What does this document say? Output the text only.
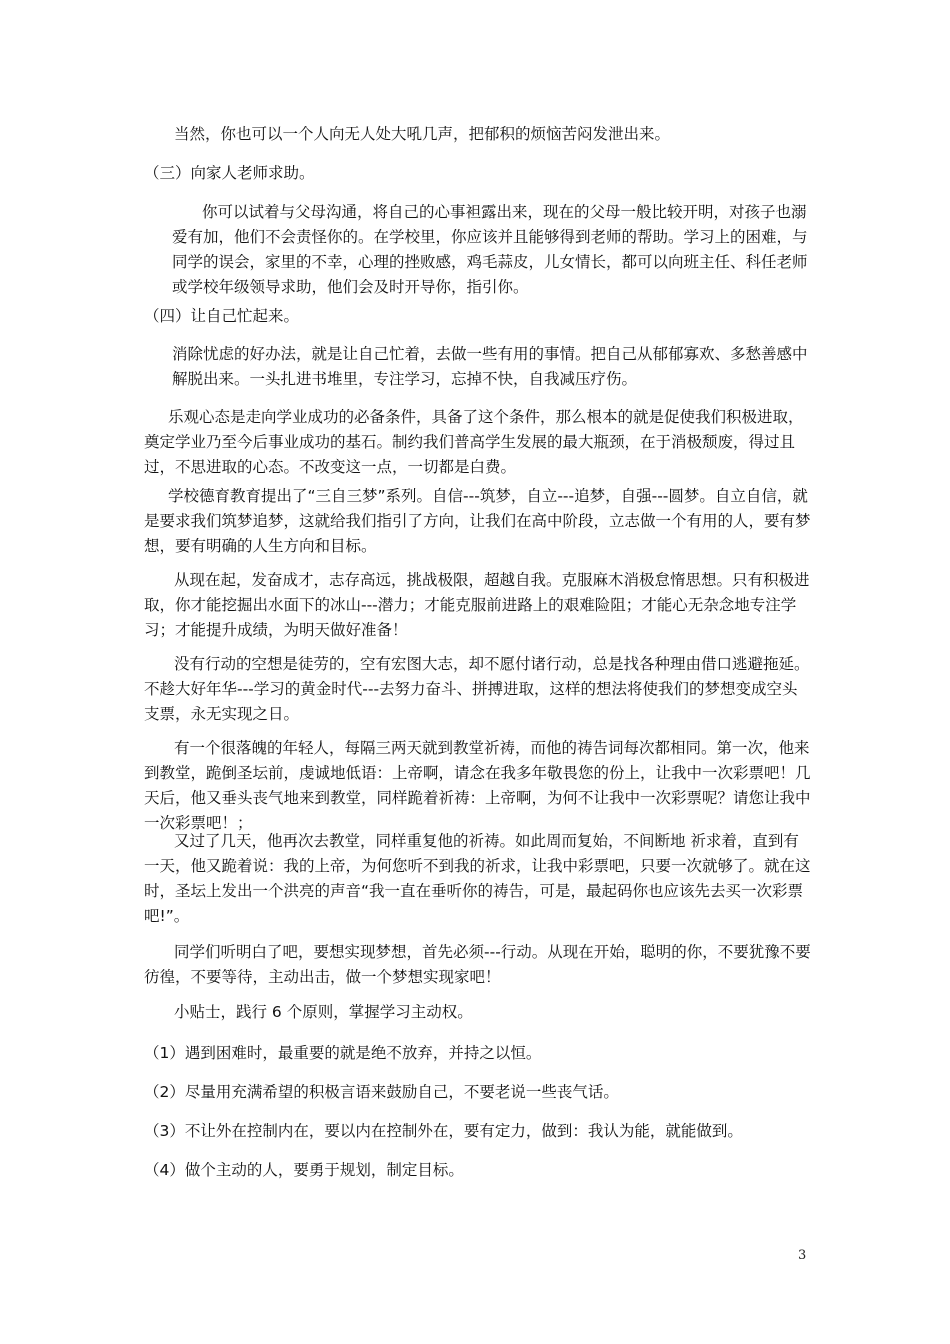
当然，你也可以一个人向无人处大吼几声，把郁积的烦恼苦闷发泄出来。

（三）向家人老师求助。

你可以试着与父母沟通，将自己的心事袒露出来，现在的父母一般比较开明，对孩子也溺爱有加，他们不会责怪你的。在学校里，你应该并且能够得到老师的帮助。学习上的困难，与同学的误会，家里的不幸，心理的挫败感，鸡毛蒜皮，儿女情长，都可以向班主任、科任老师或学校年级领导求助，他们会及时开导你，指引你。

（四）让自己忙起来。

消除忧虑的好办法，就是让自己忙着，去做一些有用的事情。把自己从郁郁寡欢、多愁善感中解脱出来。一头扎进书堆里，专注学习，忘掉不快，自我减压疗伤。

乐观心态是走向学业成功的必备条件，具备了这个条件，那么根本的就是促使我们积极进取，奠定学业乃至今后事业成功的基石。制约我们普高学生发展的最大瓶颈，在于消极颓废，得过且过，不思进取的心态。不改变这一点，一切都是白费。

学校德育教育提出了“三自三梦”系列。自信---筑梦，自立---追梦，自强---圆梦。自立自信，就是要求我们筑梦追梦，这就给我们指引了方向，让我们在高中阶段，立志做一个有用的人，要有梦想，要有明确的人生方向和目标。

从现在起，发奋成才，志存高远，挑战极限，超越自我。克服麻木消极怠惰思想。只有积极进取，你才能挖掘出水面下的冰山---潜力；才能克服前进路上的艰难险阻；才能心无杂念地专注学习；才能提升成绩，为明天做好准备！

没有行动的空想是徒劳的，空有宏图大志，却不愿付诸行动，总是找各种理由借口逃避拖延。不趁大好年华---学习的黄金时代---去努力奋斗、拼搏进取，这样的想法将使我们的梦想变成空头支票，永无实现之日。

有一个很落魄的年轻人，每隔三两天就到教堂祈祷，而他的祷告词每次都相同。第一次，他来到教堂，跪倒圣坛前，虔诚地低语：上帝啊，请念在我多年敬畏您的份上，让我中一次彩票吧！几天后，他又垂头丧气地来到教堂，同样跪着祈祷：上帝啊，为何不让我中一次彩票呢？请您让我中一次彩票吧！；

又过了几天，他再次去教堂，同样重复他的祈祷。如此周而复始，不间断地 祈求着，直到有一天，他又跪着说：我的上帝，为何您听不到我的祈求，让我中彩票吧，只要一次就够了。就在这时，圣坛上发出一个洪亮的声音“我一直在垂听你的祷告，可是，最起码你也应该先去买一次彩票吧!”。

同学们听明白了吧，要想实现梦想，首先必须---行动。从现在开始，聪明的你，不要犹豫不要彷徨，不要等待，主动出击，做一个梦想实现家吧！

小贴士，践行 6 个原则，掌握学习主动权。

（1）遇到困难时，最重要的就是绝不放弃，并持之以恒。

（2）尽量用充满希望的积极言语来鼓励自己，不要老说一些丧气话。

（3）不让外在控制内在，要以内在控制外在，要有定力，做到：我认为能，就能做到。

（4）做个主动的人，要勇于规划，制定目标。

3
